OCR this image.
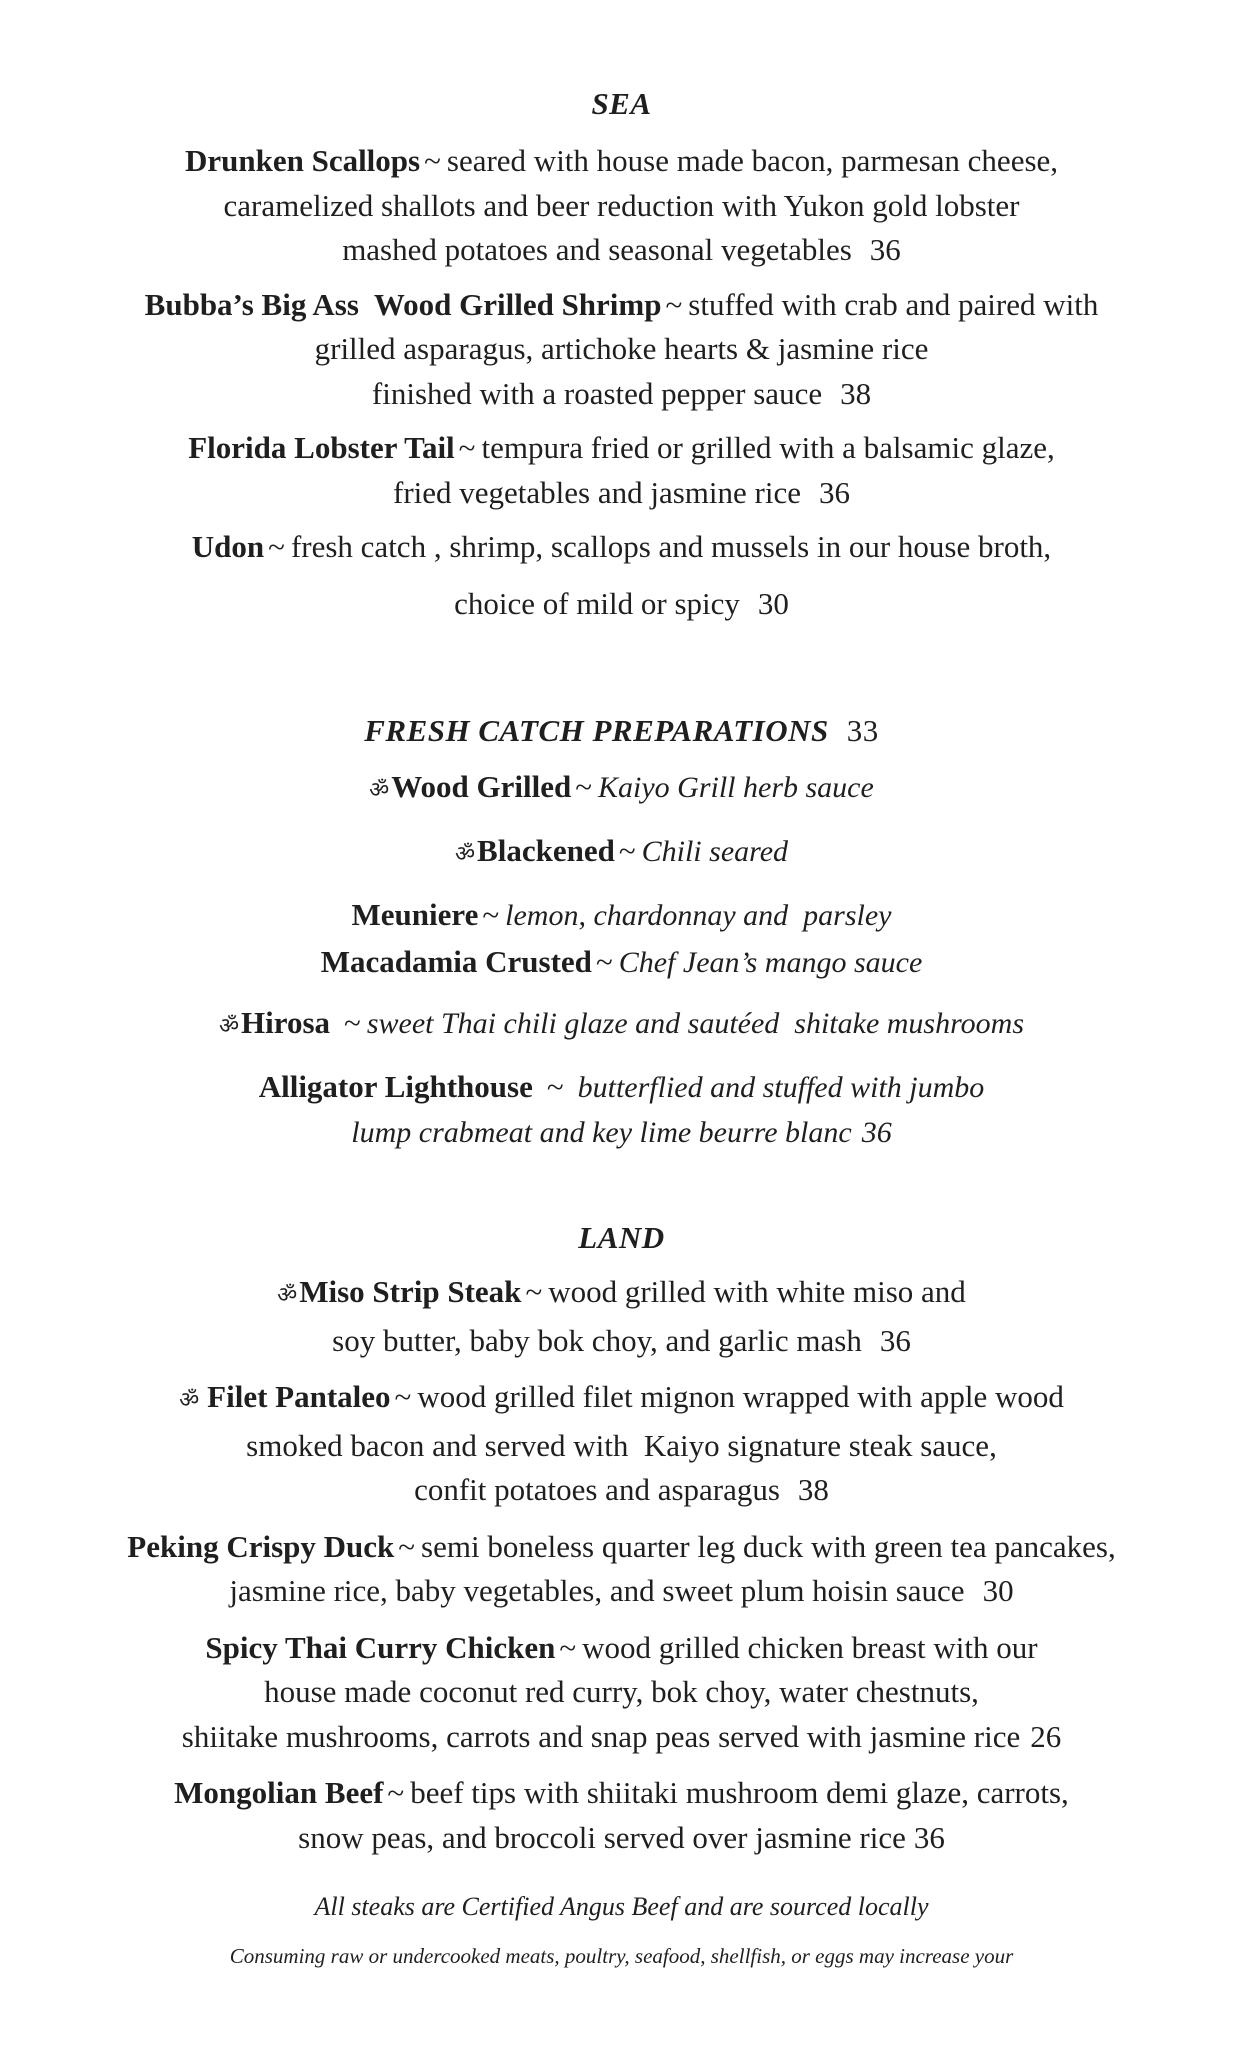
SEA

Drunken Scallops ~ seared with house made bacon, parmesan cheese,
caramelized shallots and beer reduction with Yukon gold lobster
mashed potatoes and seasonal vegetables 36

Bubba’s Big Ass  Wood Grilled Shrimp ~ stuffed with crab and paired with
grilled asparagus, artichoke hearts & jasmine rice
finished with a roasted pepper sauce 38

Florida Lobster Tail ~ tempura fried or grilled with a balsamic glaze,
fried vegetables and jasmine rice 36

Udon ~ fresh catch , shrimp, scallops and mussels in our house broth,
choice of mild or spicy 30

FRESH CATCH PREPARATIONS 33

ॐWood Grilled ~ Kaiyo Grill herb sauce

ॐBlackened ~ Chili seared

Meuniere ~ lemon, chardonnay and  parsley

Macadamia Crusted ~ Chef Jean’s mango sauce

ॐHirosa ~ sweet Thai chili glaze and sautéed  shitake mushrooms

Alligator Lighthouse ~ butterflied and stuffed with jumbo
lump crabmeat and key lime beurre blanc 36

LAND

ॐMiso Strip Steak ~ wood grilled with white miso and
soy butter, baby bok choy, and garlic mash 36

ॐ Filet Pantaleo ~ wood grilled filet mignon wrapped with apple wood
smoked bacon and served with  Kaiyo signature steak sauce,
confit potatoes and asparagus 38

Peking Crispy Duck ~ semi boneless quarter leg duck with green tea pancakes,
jasmine rice, baby vegetables, and sweet plum hoisin sauce 30

Spicy Thai Curry Chicken ~ wood grilled chicken breast with our
house made coconut red curry, bok choy, water chestnuts,
shiitake mushrooms, carrots and snap peas served with jasmine rice 26

Mongolian Beef ~ beef tips with shiitaki mushroom demi glaze, carrots,
snow peas, and broccoli served over jasmine rice 36

All steaks are Certified Angus Beef and are sourced locally

Consuming raw or undercooked meats, poultry, seafood, shellfish, or eggs may increase your
